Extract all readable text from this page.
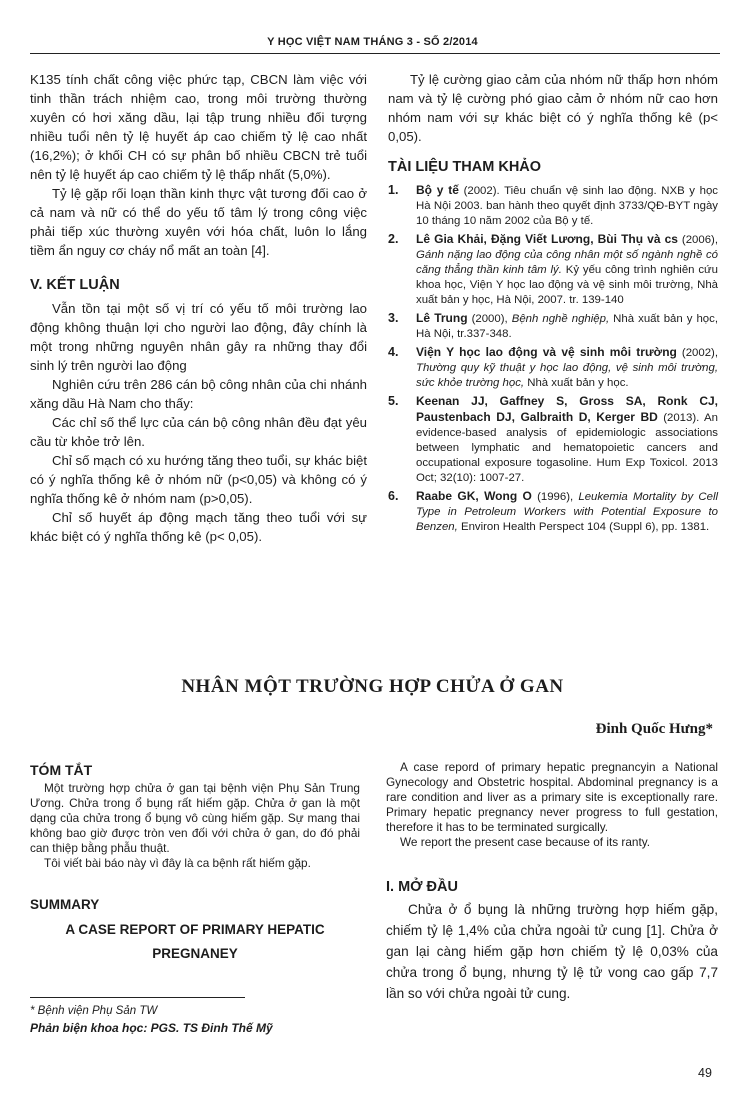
Y HỌC VIỆT NAM THÁNG 3 - SỐ 2/2014

K135 tính chất công việc phức tạp, CBCN làm việc với tinh thần trách nhiệm cao, trong môi trường thường xuyên có hơi xăng dầu, lại tập trung nhiều đối tượng nhiều tuổi nên tỷ lệ huyết áp cao chiếm tỷ lệ cao nhất (16,2%); ở khối CH có sự phân bố nhiều CBCN trẻ tuổi nên tỷ lệ huyết áp cao chiếm tỷ lệ thấp nhất (5,0%).

Tỷ lệ gặp rối loạn thần kinh thực vật tương đối cao ở cả nam và nữ có thể do yếu tố tâm lý trong công việc phải tiếp xúc thường xuyên với hóa chất, luôn lo lắng tiềm ẩn nguy cơ cháy nổ mất an toàn [4].

V. KẾT LUẬN

Vẫn tồn tại một số vị trí có yếu tố môi trường lao động không thuận lợi cho người lao động, đây chính là một trong những nguyên nhân gây ra những thay đổi sinh lý trên người lao động

Nghiên cứu trên 286 cán bộ công nhân của chi nhánh xăng dầu Hà Nam cho thấy:

Các chỉ số thể lực của cán bộ công nhân đều đạt yêu cầu từ khỏe trở lên.

Chỉ số mạch có xu hướng tăng theo tuổi, sự khác biệt có ý nghĩa thống kê ở nhóm nữ (p<0,05) và không có ý nghĩa thống kê ở nhóm nam (p>0,05).

Chỉ số huyết áp động mạch tăng theo tuổi với sự khác biệt có ý nghĩa thống kê (p< 0,05).

Tỷ lệ cường giao cảm của nhóm nữ thấp hơn nhóm nam và tỷ lệ cường phó giao cảm ở nhóm nữ cao hơn nhóm nam với sự khác biệt có ý nghĩa thống kê (p< 0,05).

TÀI LIỆU THAM KHẢO
1. Bộ y tế (2002). Tiêu chuẩn vệ sinh lao động. NXB y học Hà Nội 2003. ban hành theo quyết định 3733/QĐ-BYT ngày 10 tháng 10 năm 2002 của Bộ y tế.
2. Lê Gia Khải, Đặng Viết Lương, Bùi Thụ và cs (2006), Gánh nặng lao động của công nhân một số ngành nghề có căng thẳng thần kinh tâm lý. Kỷ yếu công trình nghiên cứu khoa học, Viện Y học lao động và vệ sinh môi trường, Nhà xuất bản y học, Hà Nội, 2007. tr. 139-140
3. Lê Trung (2000), Bệnh nghề nghiệp, Nhà xuất bản y học, Hà Nội, tr.337-348.
4. Viện Y học lao động và vệ sinh môi trường (2002), Thường quy kỹ thuật y học lao động, vệ sinh môi trường, sức khỏe trường học, Nhà xuất bản y học.
5. Keenan JJ, Gaffney S, Gross SA, Ronk CJ, Paustenbach DJ, Galbraith D, Kerger BD (2013). An evidence-based analysis of epidemiologic associations between lymphatic and hematopoietic cancers and occupational exposure togasoline. Hum Exp Toxicol. 2013 Oct; 32(10): 1007-27.
6. Raabe GK, Wong O (1996), Leukemia Mortality by Cell Type in Petroleum Workers with Potential Exposure to Benzen, Environ Health Perspect 104 (Suppl 6), pp. 1381.
NHÂN MỘT TRƯỜNG HỢP CHỬA Ở GAN
Đinh Quốc Hưng*
TÓM TẮT

Một trường hợp chửa ở gan tại bệnh viện Phụ Sản Trung Ương. Chửa trong ổ bụng rất hiếm gặp. Chửa ở gan là một dạng của chửa trong ổ bụng vô cùng hiếm gặp. Sự mang thai không bao giờ được tròn ven đối với chửa ở gan, do đó phải can thiệp bằng phẫu thuật.

Tôi viết bài báo này vì đây là ca bệnh rất hiếm gặp.

SUMMARY
A CASE REPORT OF PRIMARY HEPATIC PREGNANEY

A case repord of primary hepatic pregnancyin a National Gynecology and Obstetric hospital. Abdominal pregnancy is a rare condition and liver as a primary site is exceptionally rare. Primary hepatic pregnancy never progress to full gestation, therefore it has to be terminated surgically.

We report the present case because of its ranty.

I. MỞ ĐẦU

Chửa ở ổ bụng là những trường hợp hiếm gặp, chiếm tỷ lệ 1,4% của chửa ngoài tử cung [1]. Chửa ở gan lại càng hiếm gặp hơn chiếm tỷ lệ 0,03% của chửa trong ổ bụng, nhưng tỷ lệ tử vong cao gấp 7,7 lần so với chửa ngoài tử cung.

* Bệnh viện Phụ Sản TW
Phản biện khoa học: PGS. TS Đinh Thế Mỹ
49
